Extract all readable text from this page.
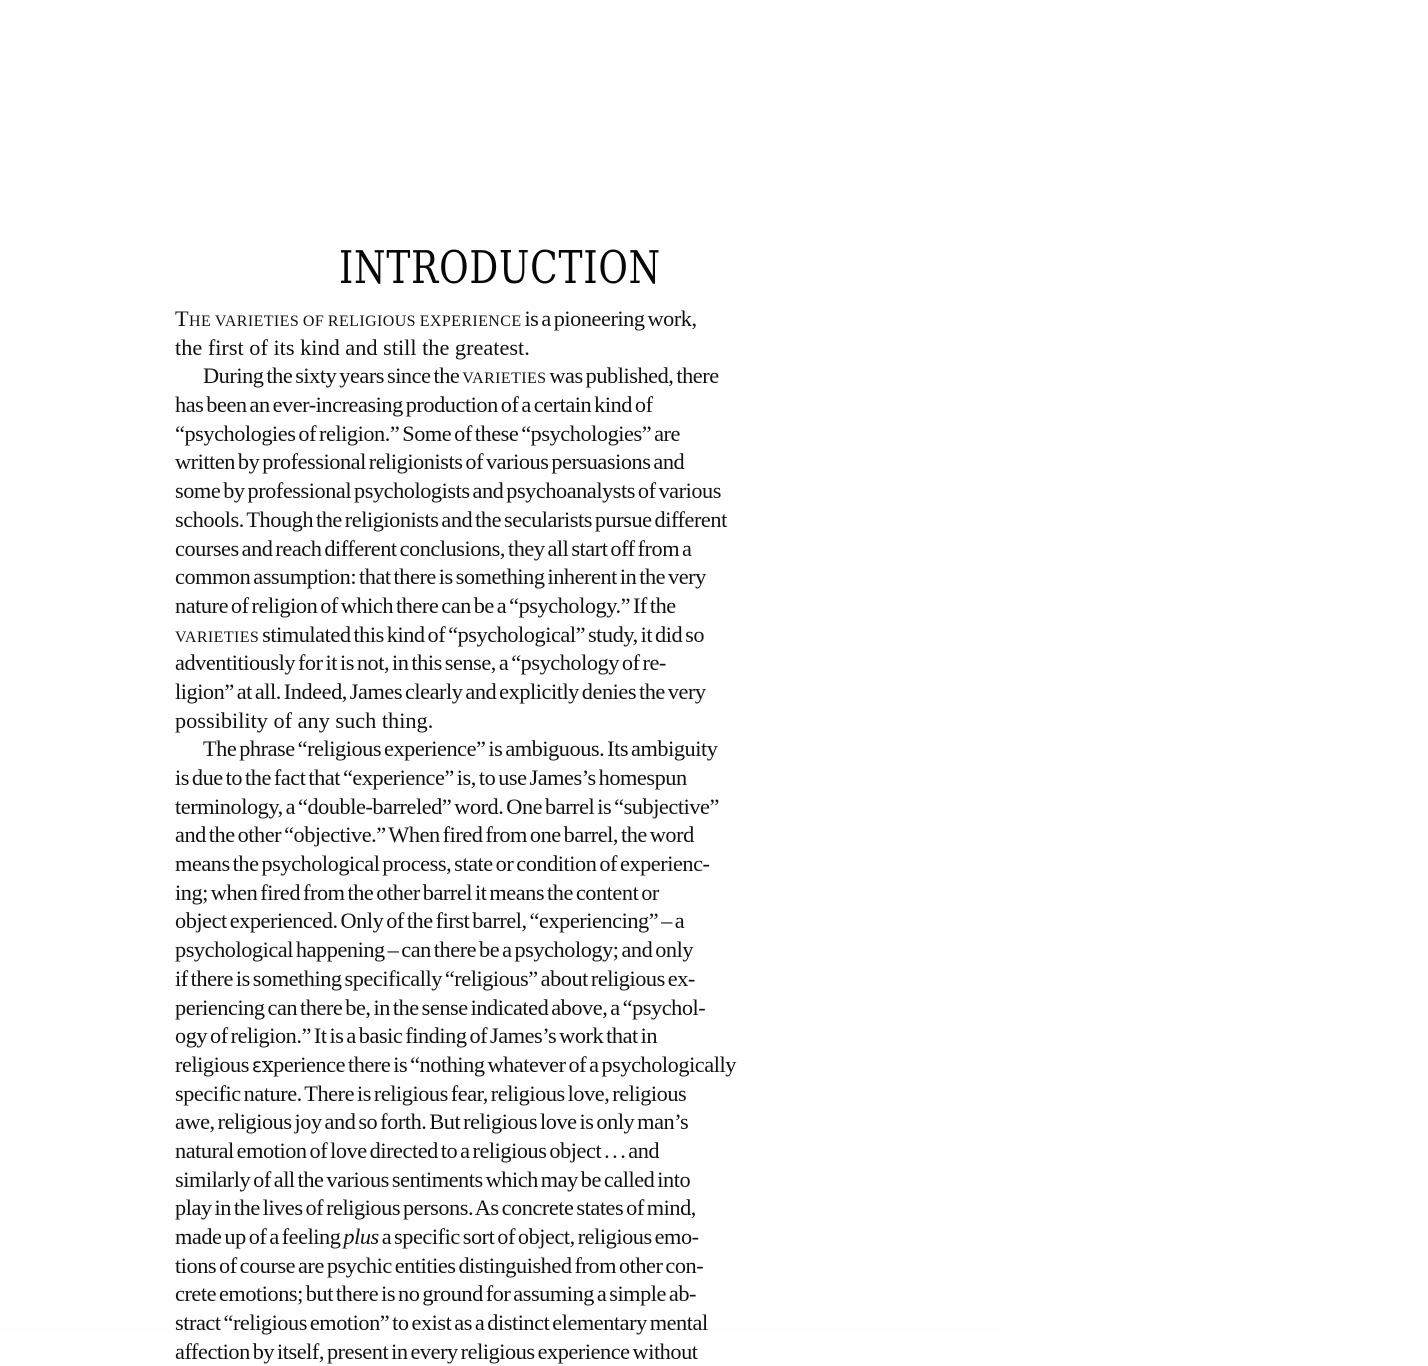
INTRODUCTION
The varieties of religious experience is a pioneering work,
the first of its kind and still the greatest.
During the sixty years since the varieties was published, there
has been an ever-increasing production of a certain kind of
“psychologies of religion.” Some of these “psychologies” are
written by professional religionists of various persuasions and
some by professional psychologists and psychoanalysts of various
schools. Though the religionists and the secularists pursue different
courses and reach different conclusions, they all start off from a
common assumption: that there is something inherent in the very
nature of religion of which there can be a “psychology.” If the
varieties stimulated this kind of “psychological” study, it did so
adventitiously for it is not, in this sense, a “psychology of re-
ligion” at all. Indeed, James clearly and explicitly denies the very
possibility of any such thing.
The phrase “religious experience” is ambiguous. Its ambiguity
is due to the fact that “experience” is, to use James’s homespun
terminology, a “double-barreled” word. One barrel is “subjective”
and the other “objective.” When fired from one barrel, the word
means the psychological process, state or condition of experienc-
ing; when fired from the other barrel it means the content or
object experienced. Only of the first barrel, “experiencing” – a
psychological happening – can there be a psychology; and only
if there is something specifically “religious” about religious ex-
periencing can there be, in the sense indicated above, a “psychol-
ogy of religion.” It is a basic finding of James’s work that in
religious ɛxperience there is “nothing whatever of a psychologically
specific nature. There is religious fear, religious love, religious
awe, religious joy and so forth. But religious love is only man’s
natural emotion of love directed to a religious object . . . and
similarly of all the various sentiments which may be called into
play in the lives of religious persons. As concrete states of mind,
made up of a feeling plus a specific sort of object, religious emo-
tions of course are psychic entities distinguished from other con-
crete emotions; but there is no ground for assuming a simple ab-
stract “religious emotion” to exist as a distinct elementary mental
affection by itself, present in every religious experience without
